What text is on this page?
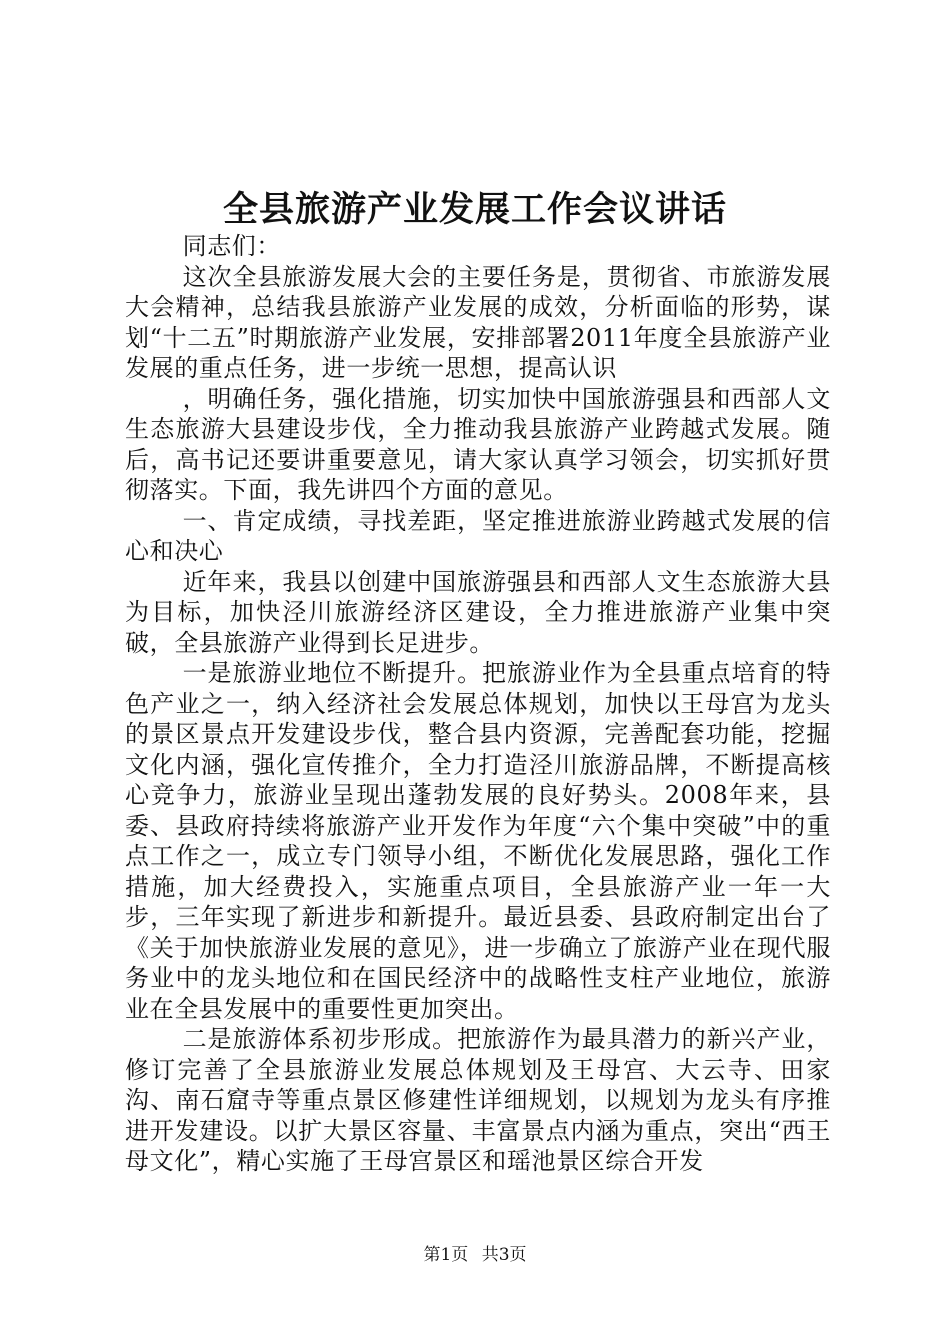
全县旅游产业发展工作会议讲话

同志们：

这次全县旅游发展大会的主要任务是，贯彻省、市旅游发展大会精神，总结我县旅游产业发展的成效，分析面临的形势，谋划“十二五”时期旅游产业发展，安排部署2011年度全县旅游产业发展的重点任务，进一步统一思想，提高认识

，明确任务，强化措施，切实加快中国旅游强县和西部人文生态旅游大县建设步伐，全力推动我县旅游产业跨越式发展。随后，高书记还要讲重要意见，请大家认真学习领会，切实抓好贯彻落实。下面，我先讲四个方面的意见。

一、肯定成绩，寻找差距，坚定推进旅游业跨越式发展的信心和决心

近年来，我县以创建中国旅游强县和西部人文生态旅游大县为目标，加快泾川旅游经济区建设，全力推进旅游产业集中突破，全县旅游产业得到长足进步。

一是旅游业地位不断提升。把旅游业作为全县重点培育的特色产业之一，纳入经济社会发展总体规划，加快以王母宫为龙头的景区景点开发建设步伐，整合县内资源，完善配套功能，挖掘文化内涵，强化宣传推介，全力打造泾川旅游品牌，不断提高核心竞争力，旅游业呈现出蓬勃发展的良好势头。2008年来，县委、县政府持续将旅游产业开发作为年度“六个集中突破”中的重点工作之一，成立专门领导小组，不断优化发展思路，强化工作措施，加大经费投入，实施重点项目，全县旅游产业一年一大步，三年实现了新进步和新提升。最近县委、县政府制定出台了《关于加快旅游业发展的意见》，进一步确立了旅游产业在现代服务业中的龙头地位和在国民经济中的战略性支柱产业地位，旅游业在全县发展中的重要性更加突出。

二是旅游体系初步形成。把旅游作为最具潜力的新兴产业，修订完善了全县旅游业发展总体规划及王母宫、大云寺、田家沟、南石窟寺等重点景区修建性详细规划，以规划为龙头有序推进开发建设。以扩大景区容量、丰富景点内涵为重点，突出“西王母文化”，精心实施了王母宫景区和瑶池景区综合开发

第1页 共3页
